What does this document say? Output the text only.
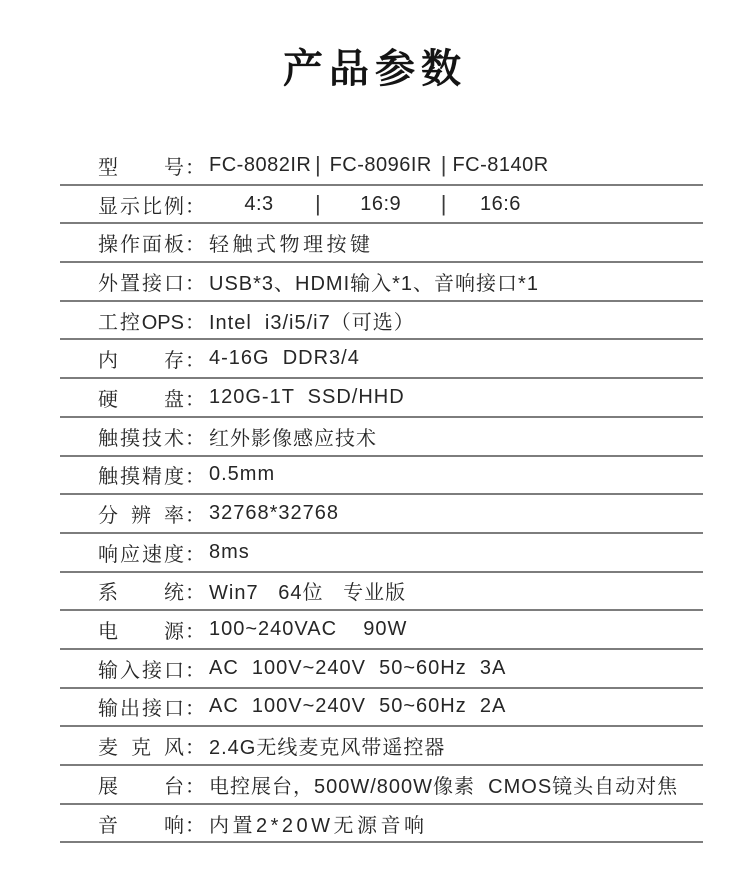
产品参数
型号 ： FC-8082IR | FC-8096IR | FC-8140R
显示比例 ：	4:3	|	16:9	|	16:6
操作面板 ： 轻触式物理按键
外置接口 ： USB*3、HDMI输入*1、音响接口*1
工控OPS ： Intel  i3/i5/i7（可选）
内存 ： 4-16G  DDR3/4
硬盘 ： 120G-1T  SSD/HHD
触摸技术 ： 红外影像感应技术
触摸精度 ： 0.5mm
分辨率 ： 32768*32768
响应速度 ： 8ms
系统 ： Win7   64位   专业版
电源 ： 100~240VAC    90W
输入接口 ： AC  100V~240V  50~60Hz  3A
输出接口 ： AC  100V~240V  50~60Hz  2A
麦克风 ： 2.4G无线麦克风带遥控器
展台 ： 电控展台，500W/800W像素  CMOS镜头自动对焦
音响 ： 内置2*20W无源音响
